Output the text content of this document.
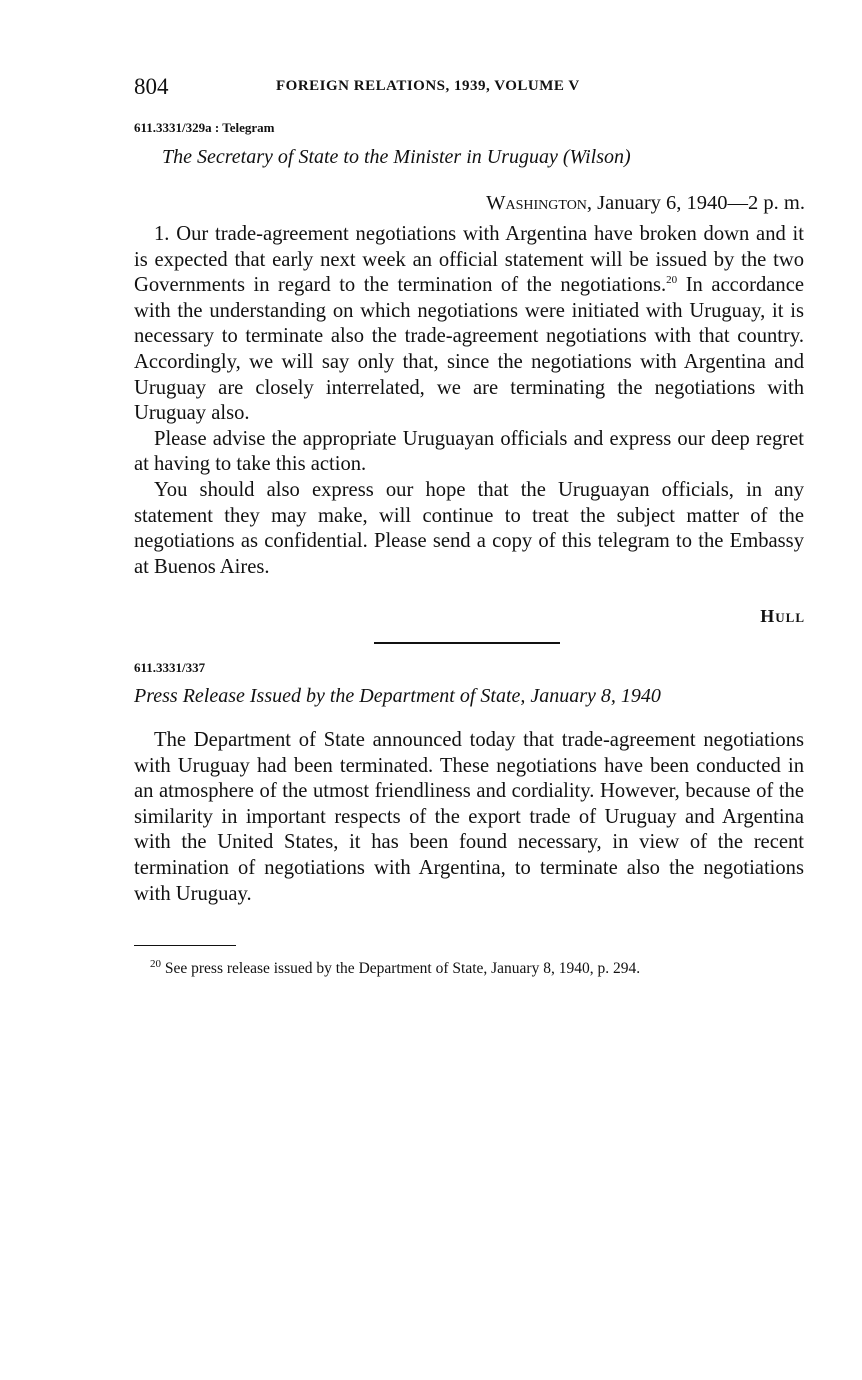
804	FOREIGN RELATIONS, 1939, VOLUME V
611.3331/329a : Telegram
The Secretary of State to the Minister in Uruguay (Wilson)
Washington, January 6, 1940—2 p. m.

1. Our trade-agreement negotiations with Argentina have broken down and it is expected that early next week an official statement will be issued by the two Governments in regard to the termination of the negotiations.$^{20}$ In accordance with the understanding on which negotiations were initiated with Uruguay, it is necessary to terminate also the trade-agreement negotiations with that country. Accordingly, we will say only that, since the negotiations with Argentina and Uruguay are closely interrelated, we are terminating the negotiations with Uruguay also.

Please advise the appropriate Uruguayan officials and express our deep regret at having to take this action.

You should also express our hope that the Uruguayan officials, in any statement they may make, will continue to treat the subject matter of the negotiations as confidential. Please send a copy of this telegram to the Embassy at Buenos Aires.

Hull
611.3331/337
Press Release Issued by the Department of State, January 8, 1940

The Department of State announced today that trade-agreement negotiations with Uruguay had been terminated. These negotiations have been conducted in an atmosphere of the utmost friendliness and cordiality. However, because of the similarity in important respects of the export trade of Uruguay and Argentina with the United States, it has been found necessary, in view of the recent termination of negotiations with Argentina, to terminate also the negotiations with Uruguay.

$^{20}$ See press release issued by the Department of State, January 8, 1940, p. 294.
